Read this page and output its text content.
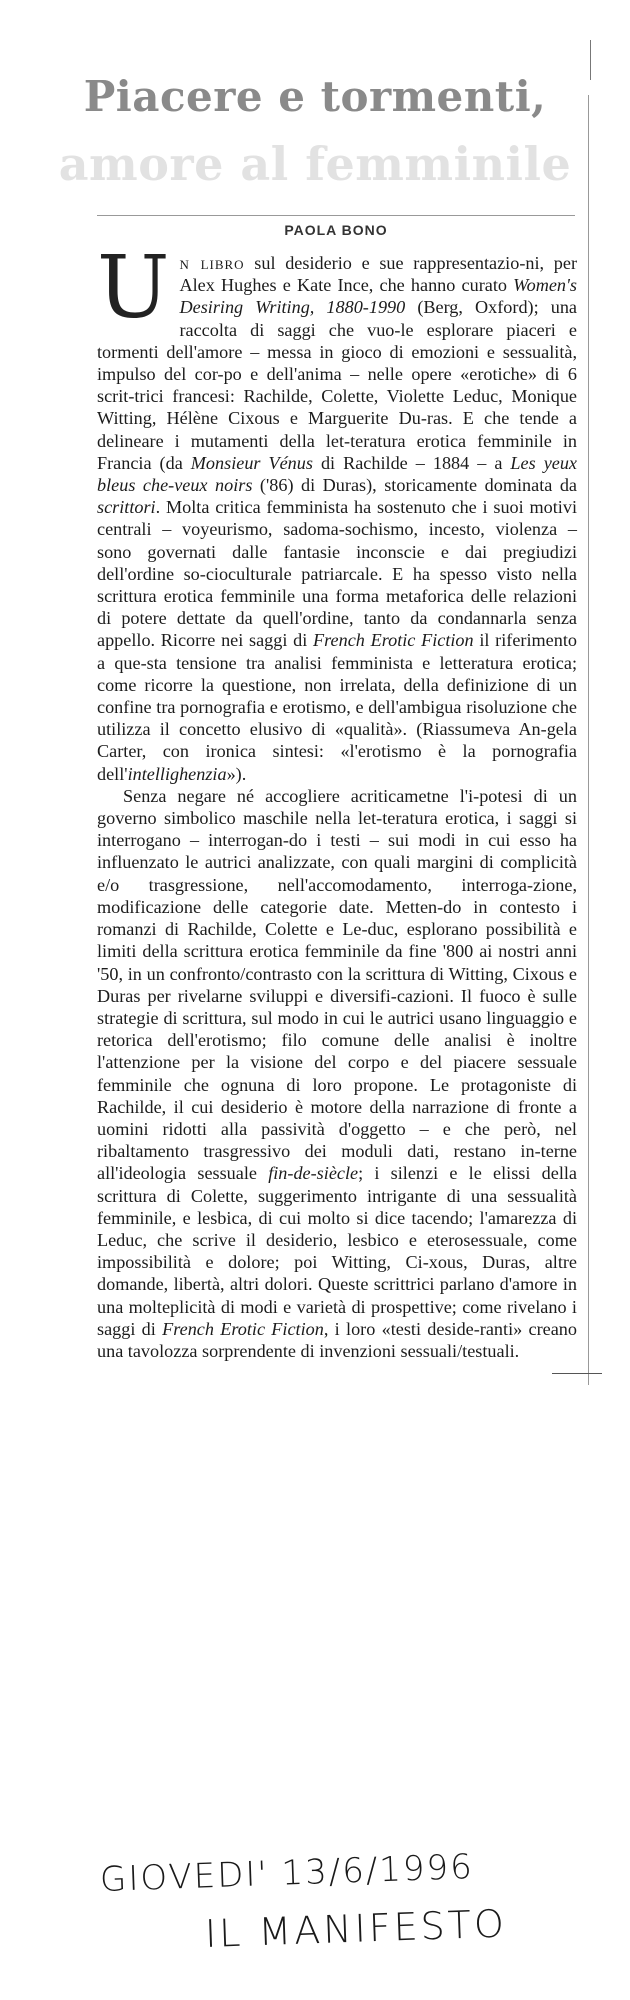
Piacere e tormenti,
amore al femminile
PAOLA BONO

Un libro sul desiderio e sue rappresentazio-ni, per Alex Hughes e Kate Ince, che hanno curato Women's Desiring Writing, 1880-1990 (Berg, Oxford); una raccolta di saggi che vuo-le esplorare piaceri e tormenti dell'amore – messa in gioco di emozioni e sessualità, impulso del cor-po e dell'anima – nelle opere «erotiche» di 6 scrit-trici francesi: Rachilde, Colette, Violette Leduc, Monique Witting, Hélène Cixous e Marguerite Du-ras. E che tende a delineare i mutamenti della let-teratura erotica femminile in Francia (da Monsieur Vénus di Rachilde – 1884 – a Les yeux bleus che-veux noirs ('86) di Duras), storicamente dominata da scrittori. Molta critica femminista ha sostenuto che i suoi motivi centrali – voyeurismo, sadoma-sochismo, incesto, violenza – sono governati dalle fantasie inconscie e dai pregiudizi dell'ordine so-cioculturale patriarcale. E ha spesso visto nella scrittura erotica femminile una forma metaforica delle relazioni di potere dettate da quell'ordine, tanto da condannarla senza appello. Ricorre nei saggi di French Erotic Fiction il riferimento a que-sta tensione tra analisi femminista e letteratura erotica; come ricorre la questione, non irrelata, della definizione di un confine tra pornografia e erotismo, e dell'ambigua risoluzione che utilizza il concetto elusivo di «qualità». (Riassumeva An-gela Carter, con ironica sintesi: «l'erotismo è la pornografia dell'intellighenzia»).

Senza negare né accogliere acriticametne l'i-potesi di un governo simbolico maschile nella let-teratura erotica, i saggi si interrogano – interrogan-do i testi – sui modi in cui esso ha influenzato le autrici analizzate, con quali margini di complicità e/o trasgressione, nell'accomodamento, interroga-zione, modificazione delle categorie date. Metten-do in contesto i romanzi di Rachilde, Colette e Le-duc, esplorano possibilità e limiti della scrittura erotica femminile da fine '800 ai nostri anni '50, in un confronto/contrasto con la scrittura di Witting, Cixous e Duras per rivelarne sviluppi e diversifi-cazioni. Il fuoco è sulle strategie di scrittura, sul modo in cui le autrici usano linguaggio e retorica dell'erotismo; filo comune delle analisi è inoltre l'attenzione per la visione del corpo e del piacere sessuale femminile che ognuna di loro propone. Le protagoniste di Rachilde, il cui desiderio è motore della narrazione di fronte a uomini ridotti alla passività d'oggetto – e che però, nel ribaltamento trasgressivo dei moduli dati, restano in-terne all'ideologia sessuale fin-de-siècle; i silenzi e le elissi della scrittura di Colette, suggerimento intrigante di una sessualità femminile, e lesbica, di cui molto si dice tacendo; l'amarezza di Leduc, che scrive il desiderio, lesbico e eterosessuale, come impossibilità e dolore; poi Witting, Ci-xous, Duras, altre domande, libertà, altri dolori. Queste scrittrici parlano d'amore in una molteplicità di modi e varietà di prospettive; come rivelano i saggi di French Erotic Fiction, i loro «testi deside-ranti» creano una tavolozza sorprendente di invenzioni sessuali/testuali.

GIOVEDI' 13/6/1996
IL MANIFESTO
